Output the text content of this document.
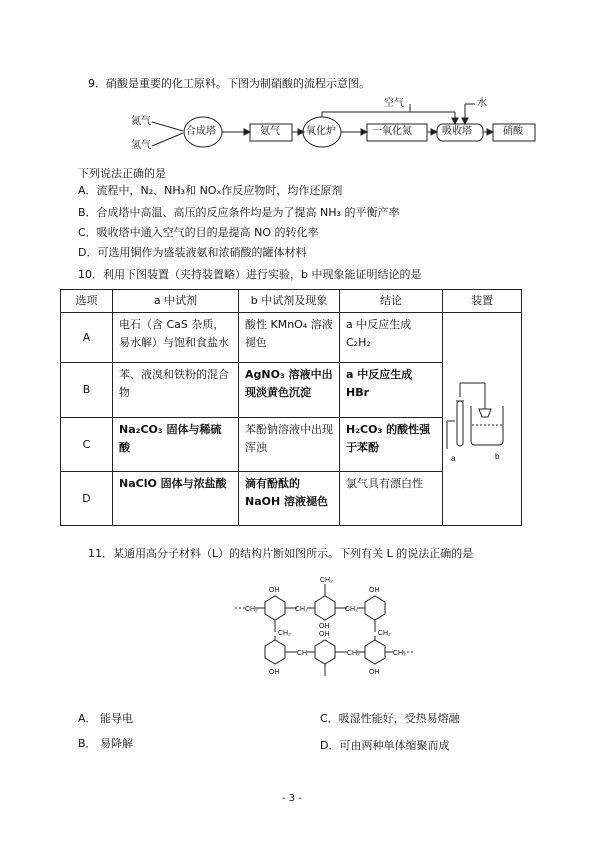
9．硝酸是重要的化工原料。下图为制硝酸的流程示意图。
氮气
氢气
合成塔	氨气	氧化炉	一氧化氮	吸收塔	硝酸
空气	水
下列说法正确的是
A．流程中，N₂、NH₃和 NOₓ作反应物时，均作还原剂
B．合成塔中高温、高压的反应条件均是为了提高 NH₃ 的平衡产率
C．吸收塔中通入空气的目的是提高 NO 的转化率
D．可选用铜作为盛装液氨和浓硝酸的罐体材料
10．利用下图装置（夹持装置略）进行实验，b 中现象能证明结论的是
选项	a 中试剂	b 中试剂及现象	结论	装置
A	电石（含 CaS 杂质，易水解）与饱和食盐水	酸性 KMnO₄ 溶液褪色	a 中反应生成 C₂H₂	a b

B	苯、液溴和铁粉的混合物	AgNO₃ 溶液中出现淡黄色沉淀	a 中反应生成 HBr	
C	Na₂CO₃ 固体与稀硫酸	苯酚钠溶液中出现浑浊	H₂CO₃ 的酸性强于苯酚	
D	NaClO 固体与浓盐酸	滴有酚酞的 NaOH 溶液褪色	氯气具有漂白性	
11．某通用高分子材料（L）的结构片断如图所示。下列有关 L 的说法正确的是
CH₂
OH	OH
OH
CH₂	CH₂	CH₂
CH₂	CH₂
OH
CH	CH₂	CH₂
OH	OH
A． 能导电	C．吸湿性能好，受热易熔融
B． 易降解	D．可由两种单体缩聚而成
- 3 -
